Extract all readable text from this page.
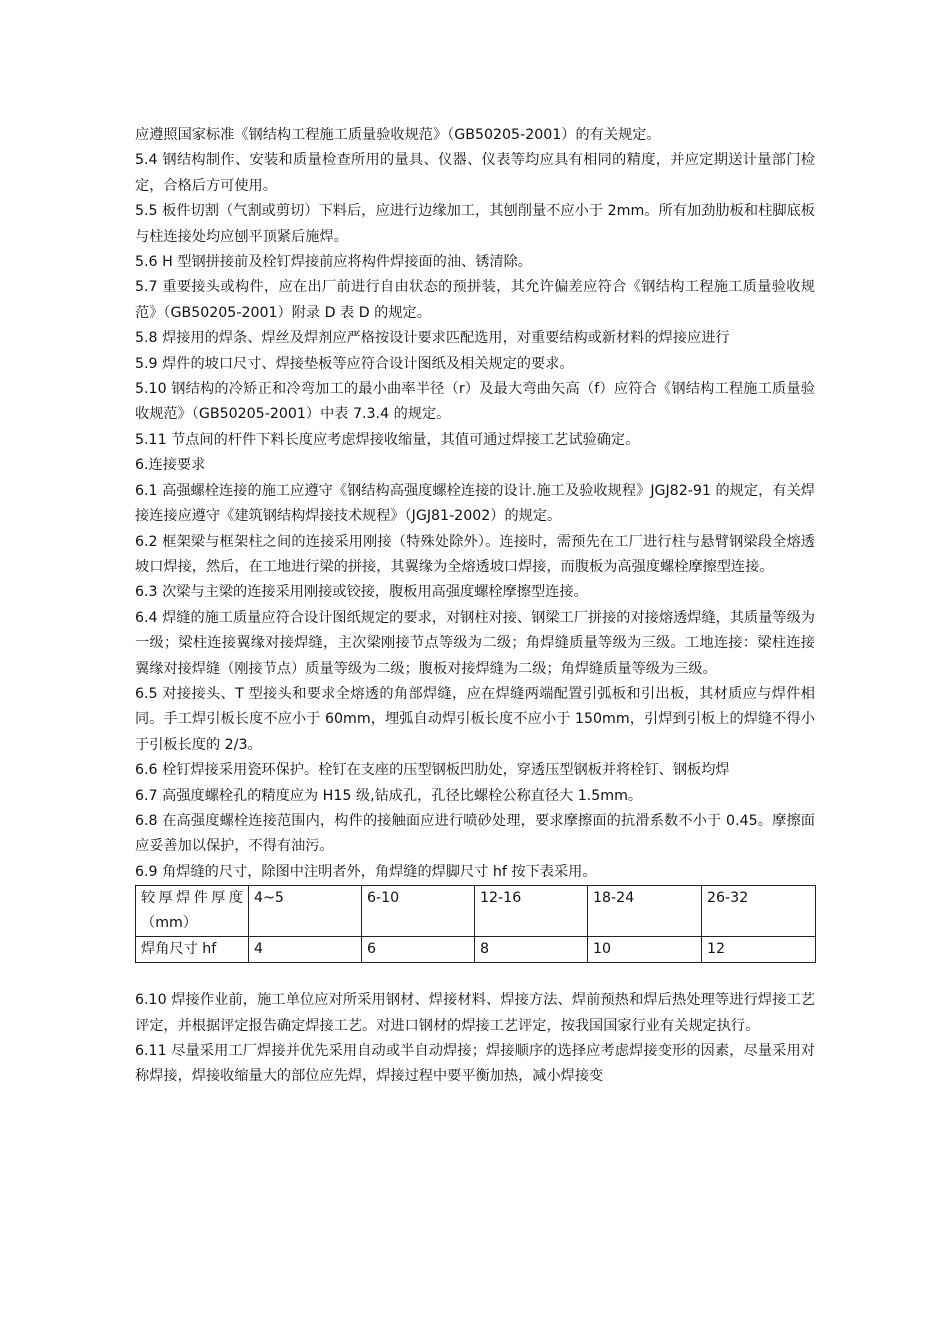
应遵照国家标准《钢结构工程施工质量验收规范》（GB50205-2001）的有关规定。

5.4 钢结构制作、安装和质量检查所用的量具、仪器、仪表等均应具有相同的精度，并应定期送计量部门检定，合格后方可使用。

5.5 板件切割（气割或剪切）下料后，应进行边缘加工，其刨削量不应小于 2mm。所有加劲肋板和柱脚底板与柱连接处均应刨平顶紧后施焊。

5.6 H 型钢拼接前及栓钉焊接前应将构件焊接面的油、锈清除。

5.7 重要接头或构件，应在出厂前进行自由状态的预拼装，其允许偏差应符合《钢结构工程施工质量验收规范》（GB50205-2001）附录 D 表 D 的规定。

5.8 焊接用的焊条、焊丝及焊剂应严格按设计要求匹配选用，对重要结构或新材料的焊接应进行

5.9 焊件的坡口尺寸、焊接垫板等应符合设计图纸及相关规定的要求。

5.10 钢结构的冷矫正和冷弯加工的最小曲率半径（r）及最大弯曲矢高（f）应符合《钢结构工程施工质量验收规范》（GB50205-2001）中表 7.3.4 的规定。

5.11 节点间的杆件下料长度应考虑焊接收缩量，其值可通过焊接工艺试验确定。

6.连接要求

6.1 高强螺栓连接的施工应遵守《钢结构高强度螺栓连接的设计.施工及验收规程》JGJ82-91 的规定，有关焊接连接应遵守《建筑钢结构焊接技术规程》（JGJ81-2002）的规定。

6.2 框架梁与框架柱之间的连接采用刚接（特殊处除外）。连接时，需预先在工厂进行柱与悬臂钢梁段全熔透坡口焊接，然后，在工地进行梁的拼接，其翼缘为全熔透坡口焊接，而腹板为高强度螺栓摩擦型连接。

6.3 次梁与主梁的连接采用刚接或铰接，腹板用高强度螺栓摩擦型连接。

6.4 焊缝的施工质量应符合设计图纸规定的要求，对钢柱对接、钢梁工厂拼接的对接熔透焊缝，其质量等级为一级；梁柱连接翼缘对接焊缝，主次梁刚接节点等级为二级；角焊缝质量等级为三级。工地连接：梁柱连接翼缘对接焊缝（刚接节点）质量等级为二级；腹板对接焊缝为二级；角焊缝质量等级为三级。

6.5 对接接头、T 型接头和要求全熔透的角部焊缝，应在焊缝两端配置引弧板和引出板，其材质应与焊件相同。手工焊引板长度不应小于 60mm，埋弧自动焊引板长度不应小于 150mm，引焊到引板上的焊缝不得小于引板长度的 2/3。

6.6 栓钉焊接采用瓷环保护。栓钉在支座的压型钢板凹肋处，穿透压型钢板并将栓钉、钢板均焊

6.7 高强度螺栓孔的精度应为 H15 级,钻成孔，孔径比螺栓公称直径大 1.5mm。

6.8 在高强度螺栓连接范围内，构件的接触面应进行喷砂处理，要求摩擦面的抗滑系数不小于 0.45。摩擦面应妥善加以保护，不得有油污。

6.9 角焊缝的尺寸，除图中注明者外，角焊缝的焊脚尺寸 hf 按下表采用。

较厚焊件厚度（mm）	4~5	6-10	12-16	18-24	26-32
焊角尺寸 hf	4	6	8	10	12

6.10 焊接作业前，施工单位应对所采用钢材、焊接材料、焊接方法、焊前预热和焊后热处理等进行焊接工艺评定，并根据评定报告确定焊接工艺。对进口钢材的焊接工艺评定，按我国国家行业有关规定执行。

6.11 尽量采用工厂焊接并优先采用自动或半自动焊接；焊接顺序的选择应考虑焊接变形的因素，尽量采用对称焊接，焊接收缩量大的部位应先焊，焊接过程中要平衡加热，减小焊接变
